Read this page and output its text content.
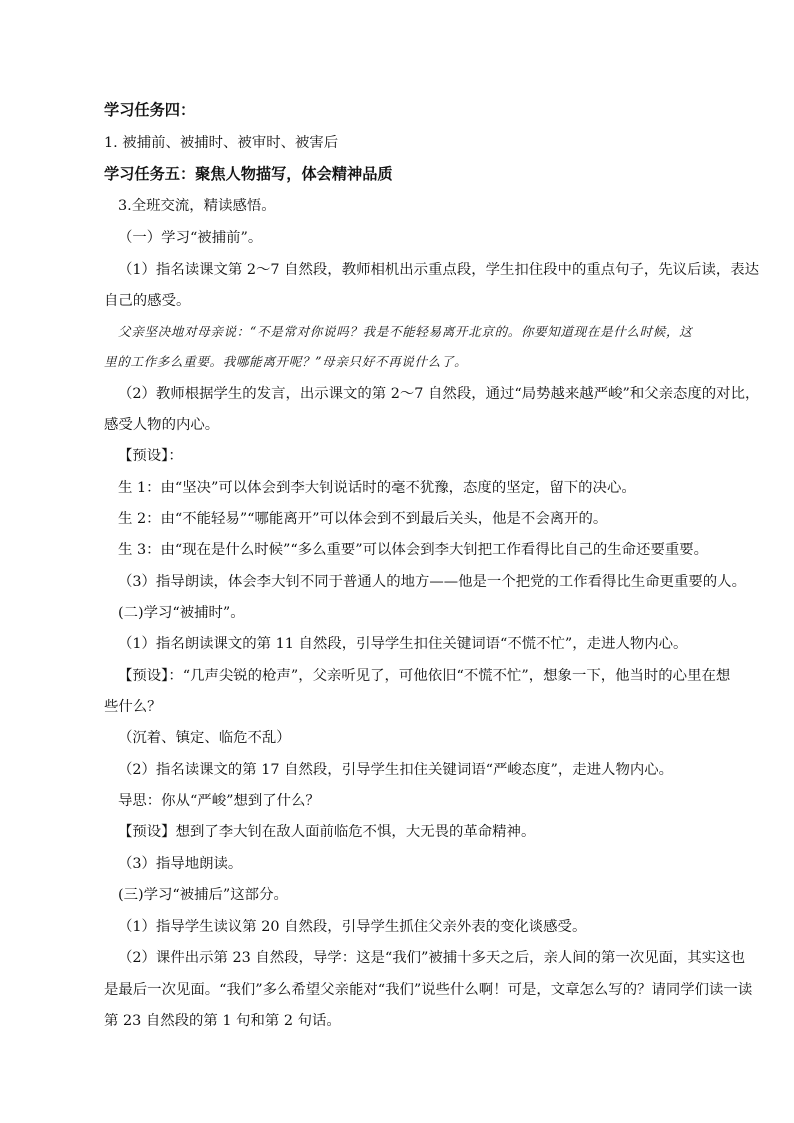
学习任务四：
1. 被捕前、被捕时、被审时、被害后
学习任务五：聚焦人物描写，体会精神品质
3.全班交流，精读感悟。
（一）学习“被捕前”。
（1）指名读课文第 2～7 自然段，教师相机出示重点段，学生扣住段中的重点句子，先议后读，表达
自己的感受。
父亲坚决地对母亲说：“不是常对你说吗？我是不能轻易离开北京的。你要知道现在是什么时候，这
里的工作多么重要。我哪能离开呢？”母亲只好不再说什么了。
（2）教师根据学生的发言，出示课文的第 2～7 自然段，通过“局势越来越严峻”和父亲态度的对比，
感受人物的内心。
【预设】：
生 1：由“坚决”可以体会到李大钊说话时的毫不犹豫，态度的坚定，留下的决心。
生 2：由“不能轻易”“哪能离开”可以体会到不到最后关头，他是不会离开的。
生 3：由“现在是什么时候”“多么重要”可以体会到李大钊把工作看得比自己的生命还要重要。
（3）指导朗读，体会李大钊不同于普通人的地方——他是一个把党的工作看得比生命更重要的人。
(二)学习“被捕时”。
（1）指名朗读课文的第 11 自然段，引导学生扣住关键词语“不慌不忙”，走进人物内心。
【预设】：“几声尖锐的枪声”，父亲听见了，可他依旧“不慌不忙”，想象一下，他当时的心里在想
些什么？
（沉着、镇定、临危不乱）
（2）指名读课文的第 17 自然段，引导学生扣住关键词语“严峻态度”，走进人物内心。
导思：你从“严峻”想到了什么？
【预设】想到了李大钊在敌人面前临危不惧，大无畏的革命精神。
（3）指导地朗读。
(三)学习“被捕后”这部分。
（1）指导学生读议第 20 自然段，引导学生抓住父亲外表的变化谈感受。
（2）课件出示第 23 自然段，导学：这是“我们”被捕十多天之后，亲人间的第一次见面，其实这也
是最后一次见面。“我们”多么希望父亲能对“我们”说些什么啊！可是，文章怎么写的？请同学们读一读
第 23 自然段的第 1 句和第 2 句话。
